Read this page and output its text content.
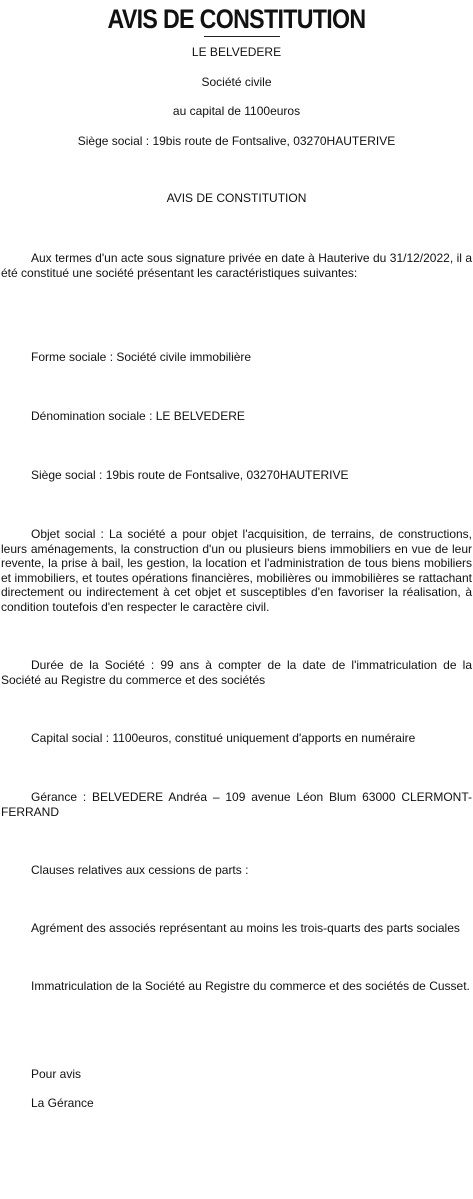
AVIS DE CONSTITUTION
LE BELVEDERE
Société civile
au capital de 1100euros
Siège social : 19bis route de Fontsalive, 03270HAUTERIVE
AVIS DE CONSTITUTION
Aux termes d'un acte sous signature privée en date à Hauterive du 31/12/2022, il a été constitué une société présentant les caractéristiques suivantes:
Forme sociale : Société civile immobilière
Dénomination sociale : LE BELVEDERE
Siège social : 19bis route de Fontsalive, 03270HAUTERIVE
Objet social : La société a pour objet l'acquisition, de terrains, de constructions, leurs aménagements, la construction d'un ou plusieurs biens immobiliers en vue de leur revente, la prise à bail, les gestion, la location et l'administration de tous biens mobiliers et immobiliers, et toutes opérations financières, mobilières ou immobilières se rattachant directement ou indirectement à cet objet et susceptibles d'en favoriser la réalisation, à condition toutefois d'en respecter le caractère civil.
Durée de la Société : 99 ans à compter de la date de l'immatriculation de la Société au Registre du commerce et des sociétés
Capital social : 1100euros, constitué uniquement d'apports en numéraire
Gérance : BELVEDERE Andréa – 109 avenue Léon Blum 63000 CLERMONT-FERRAND
Clauses relatives aux cessions de parts :
Agrément des associés représentant au moins les trois-quarts des parts sociales
Immatriculation de la Société au Registre du commerce et des sociétés de Cusset.
Pour avis
La Gérance
